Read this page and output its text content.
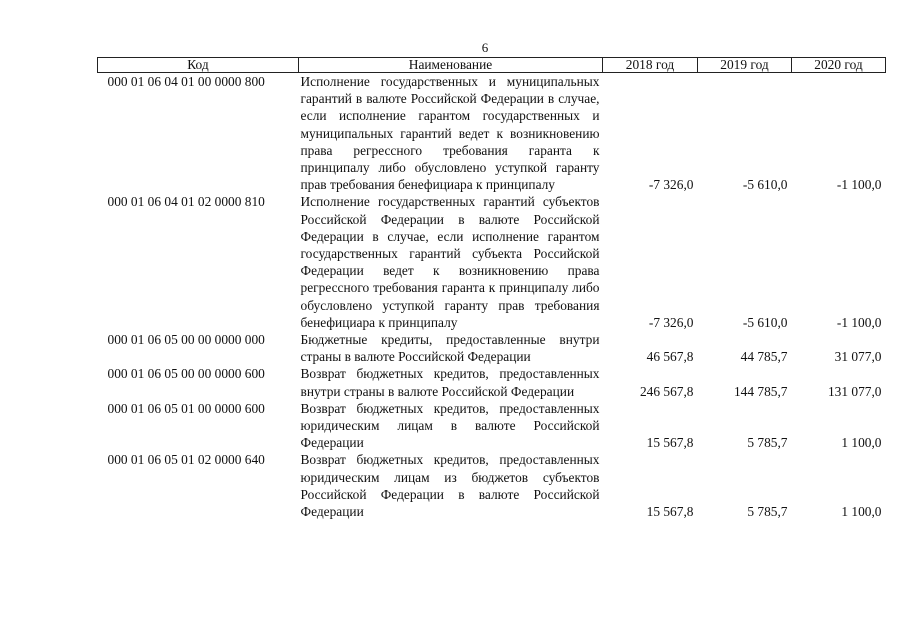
6
Код	Наименование	2018 год	2019 год	2020 год
000 01 06 04 01 00 0000 800	Исполнение государственных и муниципальных гарантий в валюте Российской Федерации в случае, если исполнение гарантом государственных и муниципальных гарантий ведет к возникновению права регрессного требования гаранта к принципалу либо обусловлено уступкой гаранту прав требования бенефициара к принципалу	-7 326,0	-5 610,0	-1 100,0
000 01 06 04 01 02 0000 810	Исполнение государственных гарантий субъектов Российской Федерации в валюте Российской Федерации в случае, если исполнение гарантом государственных гарантий субъекта Российской Федерации ведет к возникновению права регрессного требования гаранта к принципалу либо обусловлено уступкой гаранту прав требования бенефициара к принципалу	-7 326,0	-5 610,0	-1 100,0
000 01 06 05 00 00 0000 000	Бюджетные кредиты, предоставленные внутри страны в валюте Российской Федерации	46 567,8	44 785,7	31 077,0
000 01 06 05 00 00 0000 600	Возврат бюджетных кредитов, предоставленных внутри страны в валюте Российской Федерации	246 567,8	144 785,7	131 077,0
000 01 06 05 01 00 0000 600	Возврат бюджетных кредитов, предоставленных юридическим лицам в валюте Российской Федерации	15 567,8	5 785,7	1 100,0
000 01 06 05 01 02 0000 640	Возврат бюджетных кредитов, предоставленных юридическим лицам из бюджетов субъектов Российской Федерации в валюте Российской Федерации	15 567,8	5 785,7	1 100,0
